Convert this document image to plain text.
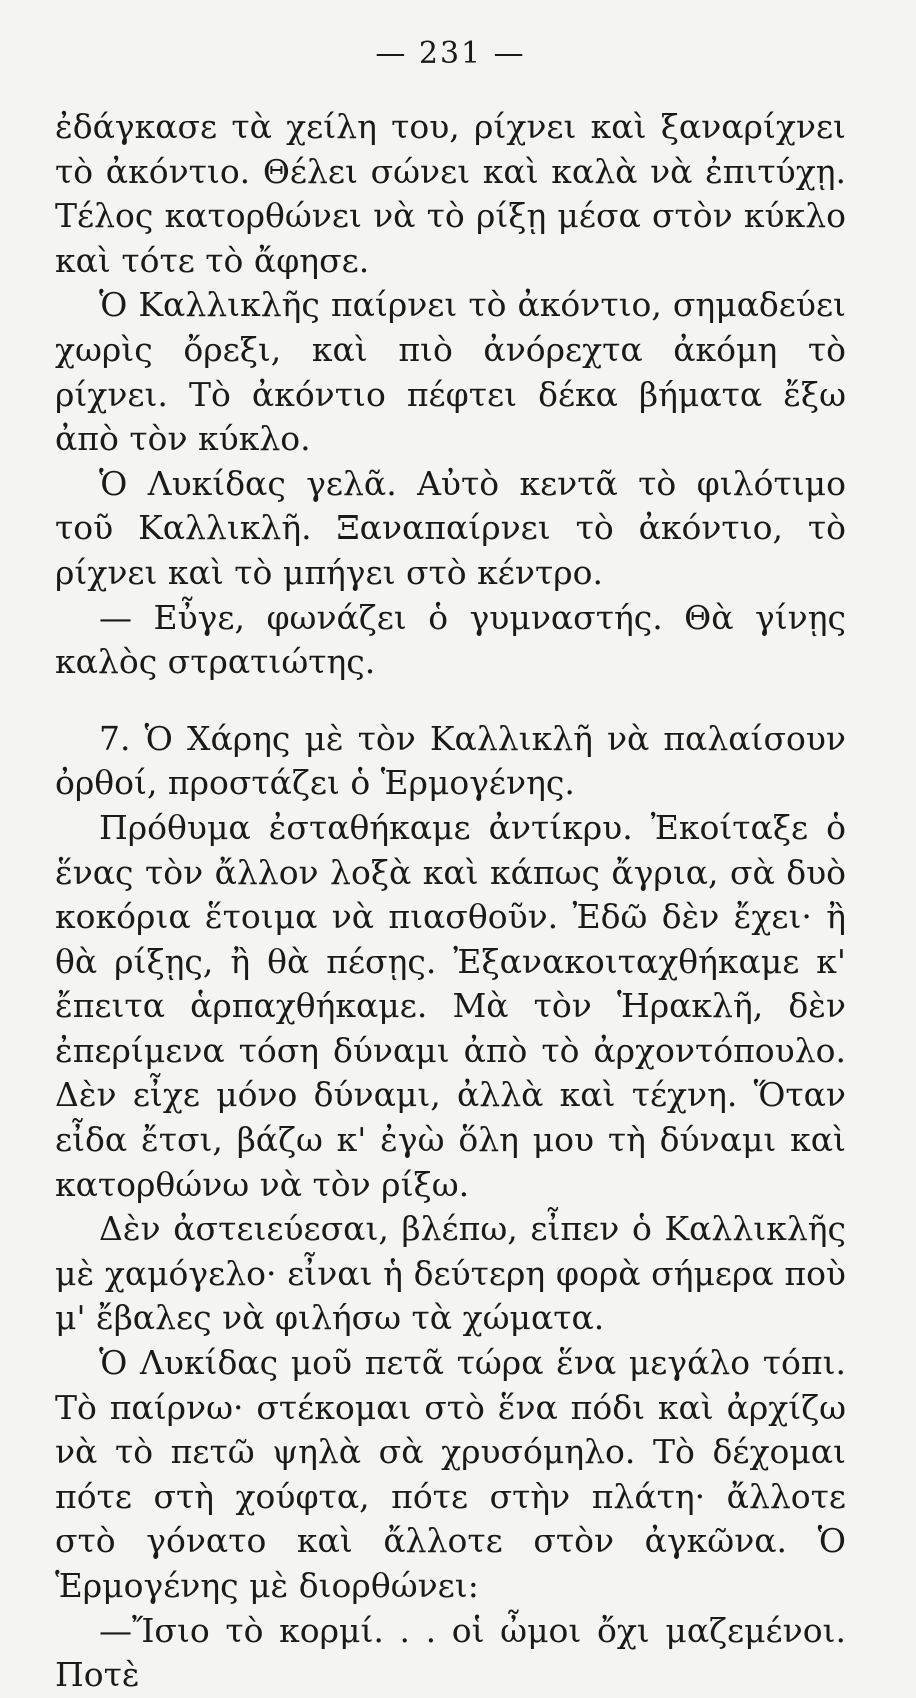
— 231 —

ἐδάγκασε τὰ χείλη του, ρίχνει καὶ ξαναρίχνει τὸ ἀκόντιο. Θέλει σώνει καὶ καλὰ νὰ ἐπιτύχῃ. Τέλος κατορθώνει νὰ τὸ ρίξῃ μέσα στὸν κύκλο καὶ τότε τὸ ἄφησε.

Ὁ Καλλικλῆς παίρνει τὸ ἀκόντιο, σημαδεύει χωρὶς ὄρεξι, καὶ πιὸ ἀνόρεχτα ἀκόμη τὸ ρίχνει. Τὸ ἀκόντιο πέφτει δέκα βήματα ἔξω ἀπὸ τὸν κύκλο.

Ὁ Λυκίδας γελᾶ. Αὐτὸ κεντᾶ τὸ φιλότιμο τοῦ Καλλικλῆ. Ξαναπαίρνει τὸ ἀκόντιο, τὸ ρίχνει καὶ τὸ μπήγει στὸ κέντρο.

— Εὖγε, φωνάζει ὁ γυμναστής. Θὰ γίνῃς καλὸς στρατιώτης.

7. Ὁ Χάρης μὲ τὸν Καλλικλῆ νὰ παλαίσουν ὀρθοί, προστάζει ὁ Ἑρμογένης.

Πρόθυμα ἐσταθήκαμε ἀντίκρυ. Ἐκοίταξε ὁ ἕνας τὸν ἄλλον λοξὰ καὶ κάπως ἄγρια, σὰ δυὸ κοκόρια ἕτοιμα νὰ πιασθοῦν. Ἐδῶ δὲν ἔχει· ἢ θὰ ρίξῃς, ἢ θὰ πέσῃς. Ἐξανακοιταχθήκαμε κ' ἔπειτα ἁρπαχθήκαμε. Μὰ τὸν Ἡρακλῆ, δὲν ἐπερίμενα τόση δύναμι ἀπὸ τὸ ἀρχοντόπουλο. Δὲν εἶχε μόνο δύναμι, ἀλλὰ καὶ τέχνη. Ὅταν εἶδα ἔτσι, βάζω κ' ἐγὼ ὅλη μου τὴ δύναμι καὶ κατορθώνω νὰ τὸν ρίξω.

Δὲν ἀστειεύεσαι, βλέπω, εἶπεν ὁ Καλλικλῆς μὲ χαμόγελο· εἶναι ἡ δεύτερη φορὰ σήμερα ποὺ μ' ἔβαλες νὰ φιλήσω τὰ χώματα.

Ὁ Λυκίδας μοῦ πετᾶ τώρα ἕνα μεγάλο τόπι. Τὸ παίρνω· στέκομαι στὸ ἕνα πόδι καὶ ἀρχίζω νὰ τὸ πετῶ ψηλὰ σὰ χρυσόμηλο. Τὸ δέχομαι πότε στὴ χούφτα, πότε στὴν πλάτη· ἄλλοτε στὸ γόνατο καὶ ἄλλοτε στὸν ἀγκῶνα. Ὁ Ἑρμογένης μὲ διορθώνει:

—Ἴσιο τὸ κορμί. . . οἱ ὦμοι ὄχι μαζεμένοι. Ποτὲ
